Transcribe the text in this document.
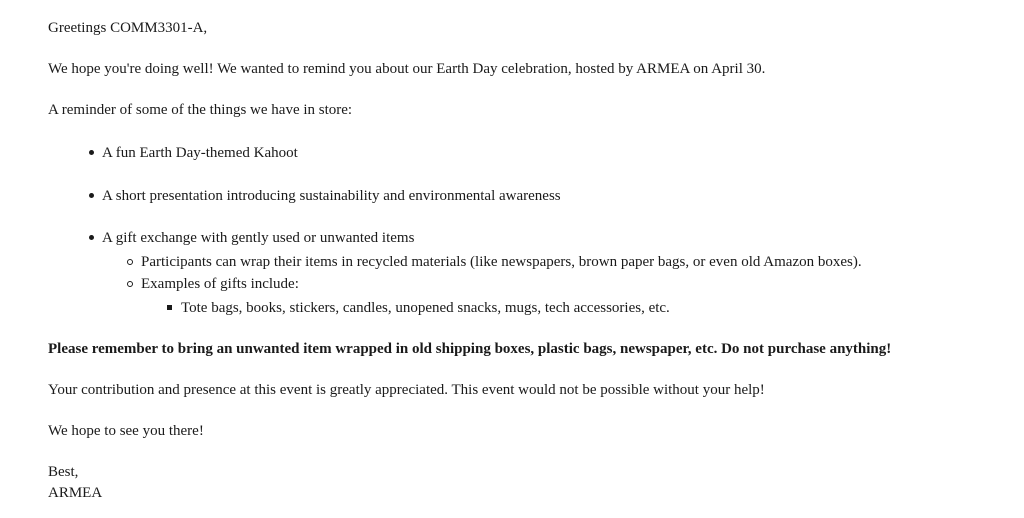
Greetings COMM3301-A,
We hope you're doing well! We wanted to remind you about our Earth Day celebration, hosted by ARMEA on April 30.
A reminder of some of the things we have in store:
A fun Earth Day-themed Kahoot
A short presentation introducing sustainability and environmental awareness
A gift exchange with gently used or unwanted items
Participants can wrap their items in recycled materials (like newspapers, brown paper bags, or even old Amazon boxes).
Examples of gifts include:
Tote bags, books, stickers, candles, unopened snacks, mugs, tech accessories, etc.
Please remember to bring an unwanted item wrapped in old shipping boxes, plastic bags, newspaper, etc. Do not purchase anything!
Your contribution and presence at this event is greatly appreciated. This event would not be possible without your help!
We hope to see you there!
Best,
ARMEA
